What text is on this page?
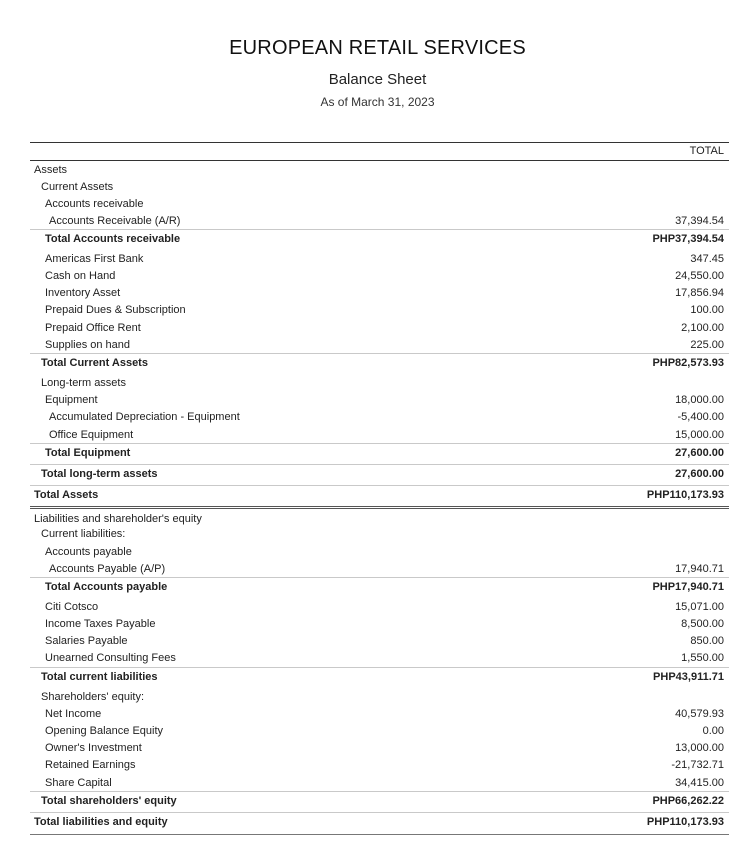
EUROPEAN RETAIL SERVICES
Balance Sheet
As of March 31, 2023
TOTAL
Assets
Current Assets
Accounts receivable
Accounts Receivable (A/R)	37,394.54
Total Accounts receivable	PHP37,394.54
Americas First Bank	347.45
Cash on Hand	24,550.00
Inventory Asset	17,856.94
Prepaid Dues & Subscription	100.00
Prepaid Office Rent	2,100.00
Supplies on hand	225.00
Total Current Assets	PHP82,573.93
Long-term assets
Equipment	18,000.00
Accumulated Depreciation - Equipment	-5,400.00
Office Equipment	15,000.00
Total Equipment	27,600.00
Total long-term assets	27,600.00
Total Assets	PHP110,173.93
Liabilities and shareholder's equity
Current liabilities:
Accounts payable
Accounts Payable (A/P)	17,940.71
Total Accounts payable	PHP17,940.71
Citi Cotsco	15,071.00
Income Taxes Payable	8,500.00
Salaries Payable	850.00
Unearned Consulting Fees	1,550.00
Total current liabilities	PHP43,911.71
Shareholders' equity:
Net Income	40,579.93
Opening Balance Equity	0.00
Owner's Investment	13,000.00
Retained Earnings	-21,732.71
Share Capital	34,415.00
Total shareholders' equity	PHP66,262.22
Total liabilities and equity	PHP110,173.93
